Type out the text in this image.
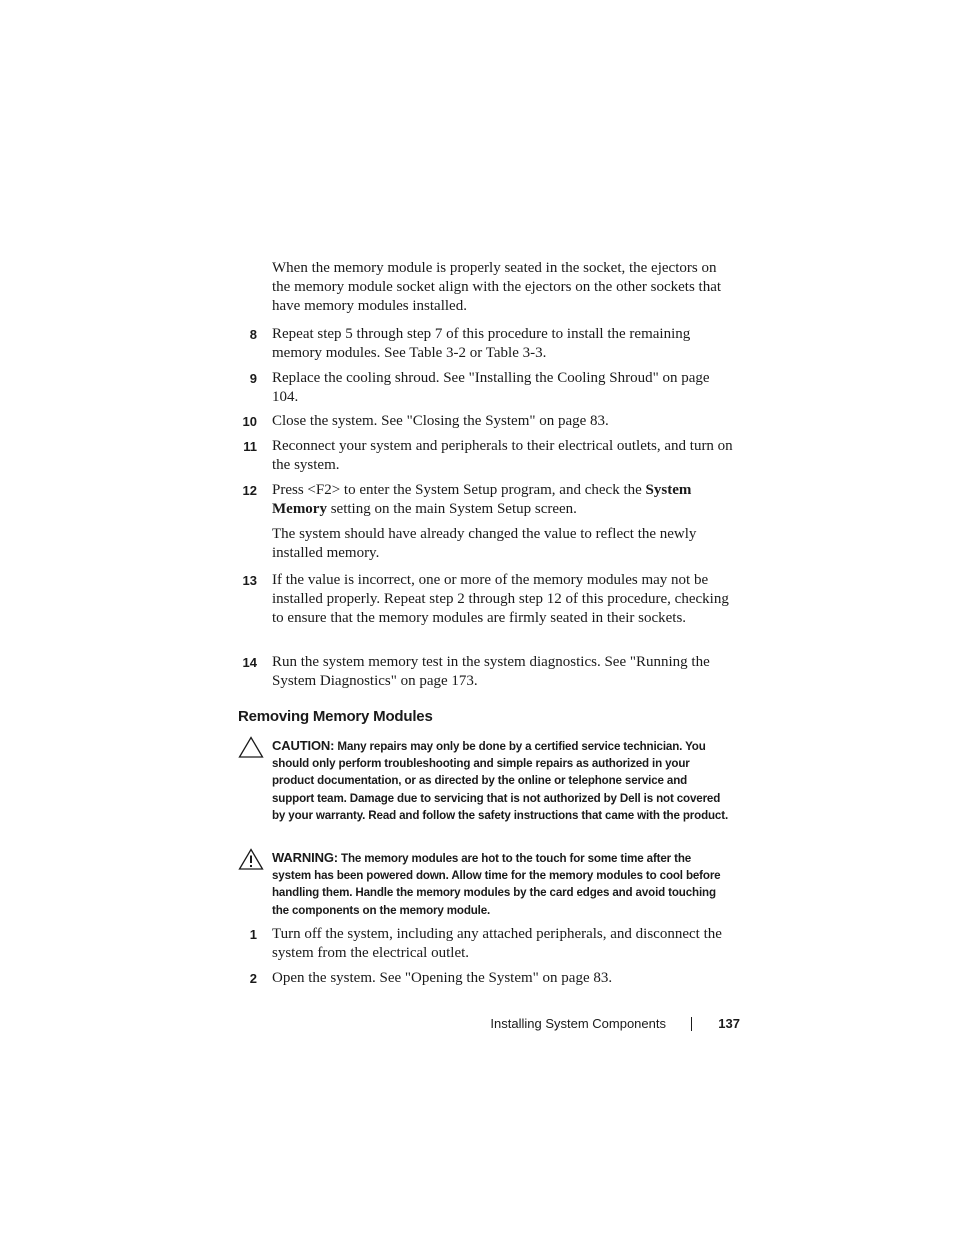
When the memory module is properly seated in the socket, the ejectors on the memory module socket align with the ejectors on the other sockets that have memory modules installed.

8 Repeat step 5 through step 7 of this procedure to install the remaining memory modules. See Table 3-2 or Table 3-3.
9 Replace the cooling shroud. See "Installing the Cooling Shroud" on page 104.
10 Close the system. See "Closing the System" on page 83.
11 Reconnect your system and peripherals to their electrical outlets, and turn on the system.
12 Press <F2> to enter the System Setup program, and check the System Memory setting on the main System Setup screen.

The system should have already changed the value to reflect the newly installed memory.

13 If the value is incorrect, one or more of the memory modules may not be installed properly. Repeat step 2 through step 12 of this procedure, checking to ensure that the memory modules are firmly seated in their sockets.
14 Run the system memory test in the system diagnostics. See "Running the System Diagnostics" on page 173.
Removing Memory Modules
CAUTION: Many repairs may only be done by a certified service technician. You should only perform troubleshooting and simple repairs as authorized in your product documentation, or as directed by the online or telephone service and support team. Damage due to servicing that is not authorized by Dell is not covered by your warranty. Read and follow the safety instructions that came with the product.
WARNING: The memory modules are hot to the touch for some time after the system has been powered down. Allow time for the memory modules to cool before handling them. Handle the memory modules by the card edges and avoid touching the components on the memory module.
1 Turn off the system, including any attached peripherals, and disconnect the system from the electrical outlet.
2 Open the system. See "Opening the System" on page 83.
Installing System Components	137
